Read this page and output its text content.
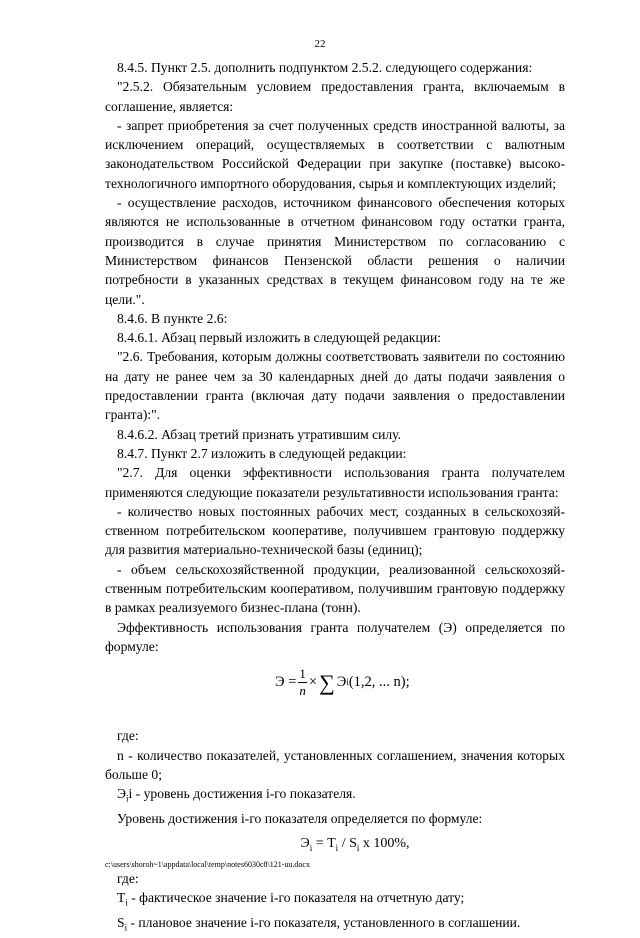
22

8.4.5. Пункт 2.5. дополнить подпунктом 2.5.2. следующего содержания:

"2.5.2. Обязательным условием предоставления гранта, включаемым в соглашение, является:

- запрет приобретения за счет полученных средств иностранной валюты, за исключением операций, осуществляемых в соответствии с валютным законодательством Российской Федерации при закупке (поставке) высоко-технологичного импортного оборудования, сырья и комплектующих изделий;

- осуществление расходов, источником финансового обеспечения которых являются не использованные в отчетном финансовом году остатки гранта, производится в случае принятия Министерством по согласованию с Министерством финансов Пензенской области решения о наличии потребности в указанных средствах в текущем финансовом году на те же цели.".

8.4.6. В пункте 2.6:

8.4.6.1. Абзац первый изложить в следующей редакции:

"2.6. Требования, которым должны соответствовать заявители по состоянию на дату не ранее чем за 30 календарных дней до даты подачи заявления о предоставлении гранта (включая дату подачи заявления о предоставлении гранта):".

8.4.6.2. Абзац третий признать утратившим силу.

8.4.7. Пункт 2.7 изложить в следующей редакции:

"2.7. Для оценки эффективности использования гранта получателем применяются следующие показатели результативности использования гранта:

- количество новых постоянных рабочих мест, созданных в сельскохозяй-ственном потребительском кооперативе, получившем грантовую поддержку для развития материально-технической базы (единиц);

- объем сельскохозяйственной продукции, реализованной сельскохозяй-ственным потребительским кооперативом, получившим грантовую поддержку в рамках реализуемого бизнес-плана (тонн).

Эффективность использования гранта получателем (Э) определяется по формуле:

$Э = \frac{1}{n}$ × ∑ Э i (1,2, ... n) ;

где:

n - количество показателей, установленных соглашением, значения которых больше 0;

$Э_ii$ - уровень достижения i-го показателя.

Уровень достижения i-го показателя определяется по формуле:

$Э_i = Т_i / S_i$ х 100%,

где:

$Т_i$ - фактическое значение i-го показателя на отчетную дату;

$S_i$ - плановое значение i-го показателя, установленного в соглашении.

c:\users\shoroh~1\appdata\local\temp\notes6030c8\121-uu.docx
